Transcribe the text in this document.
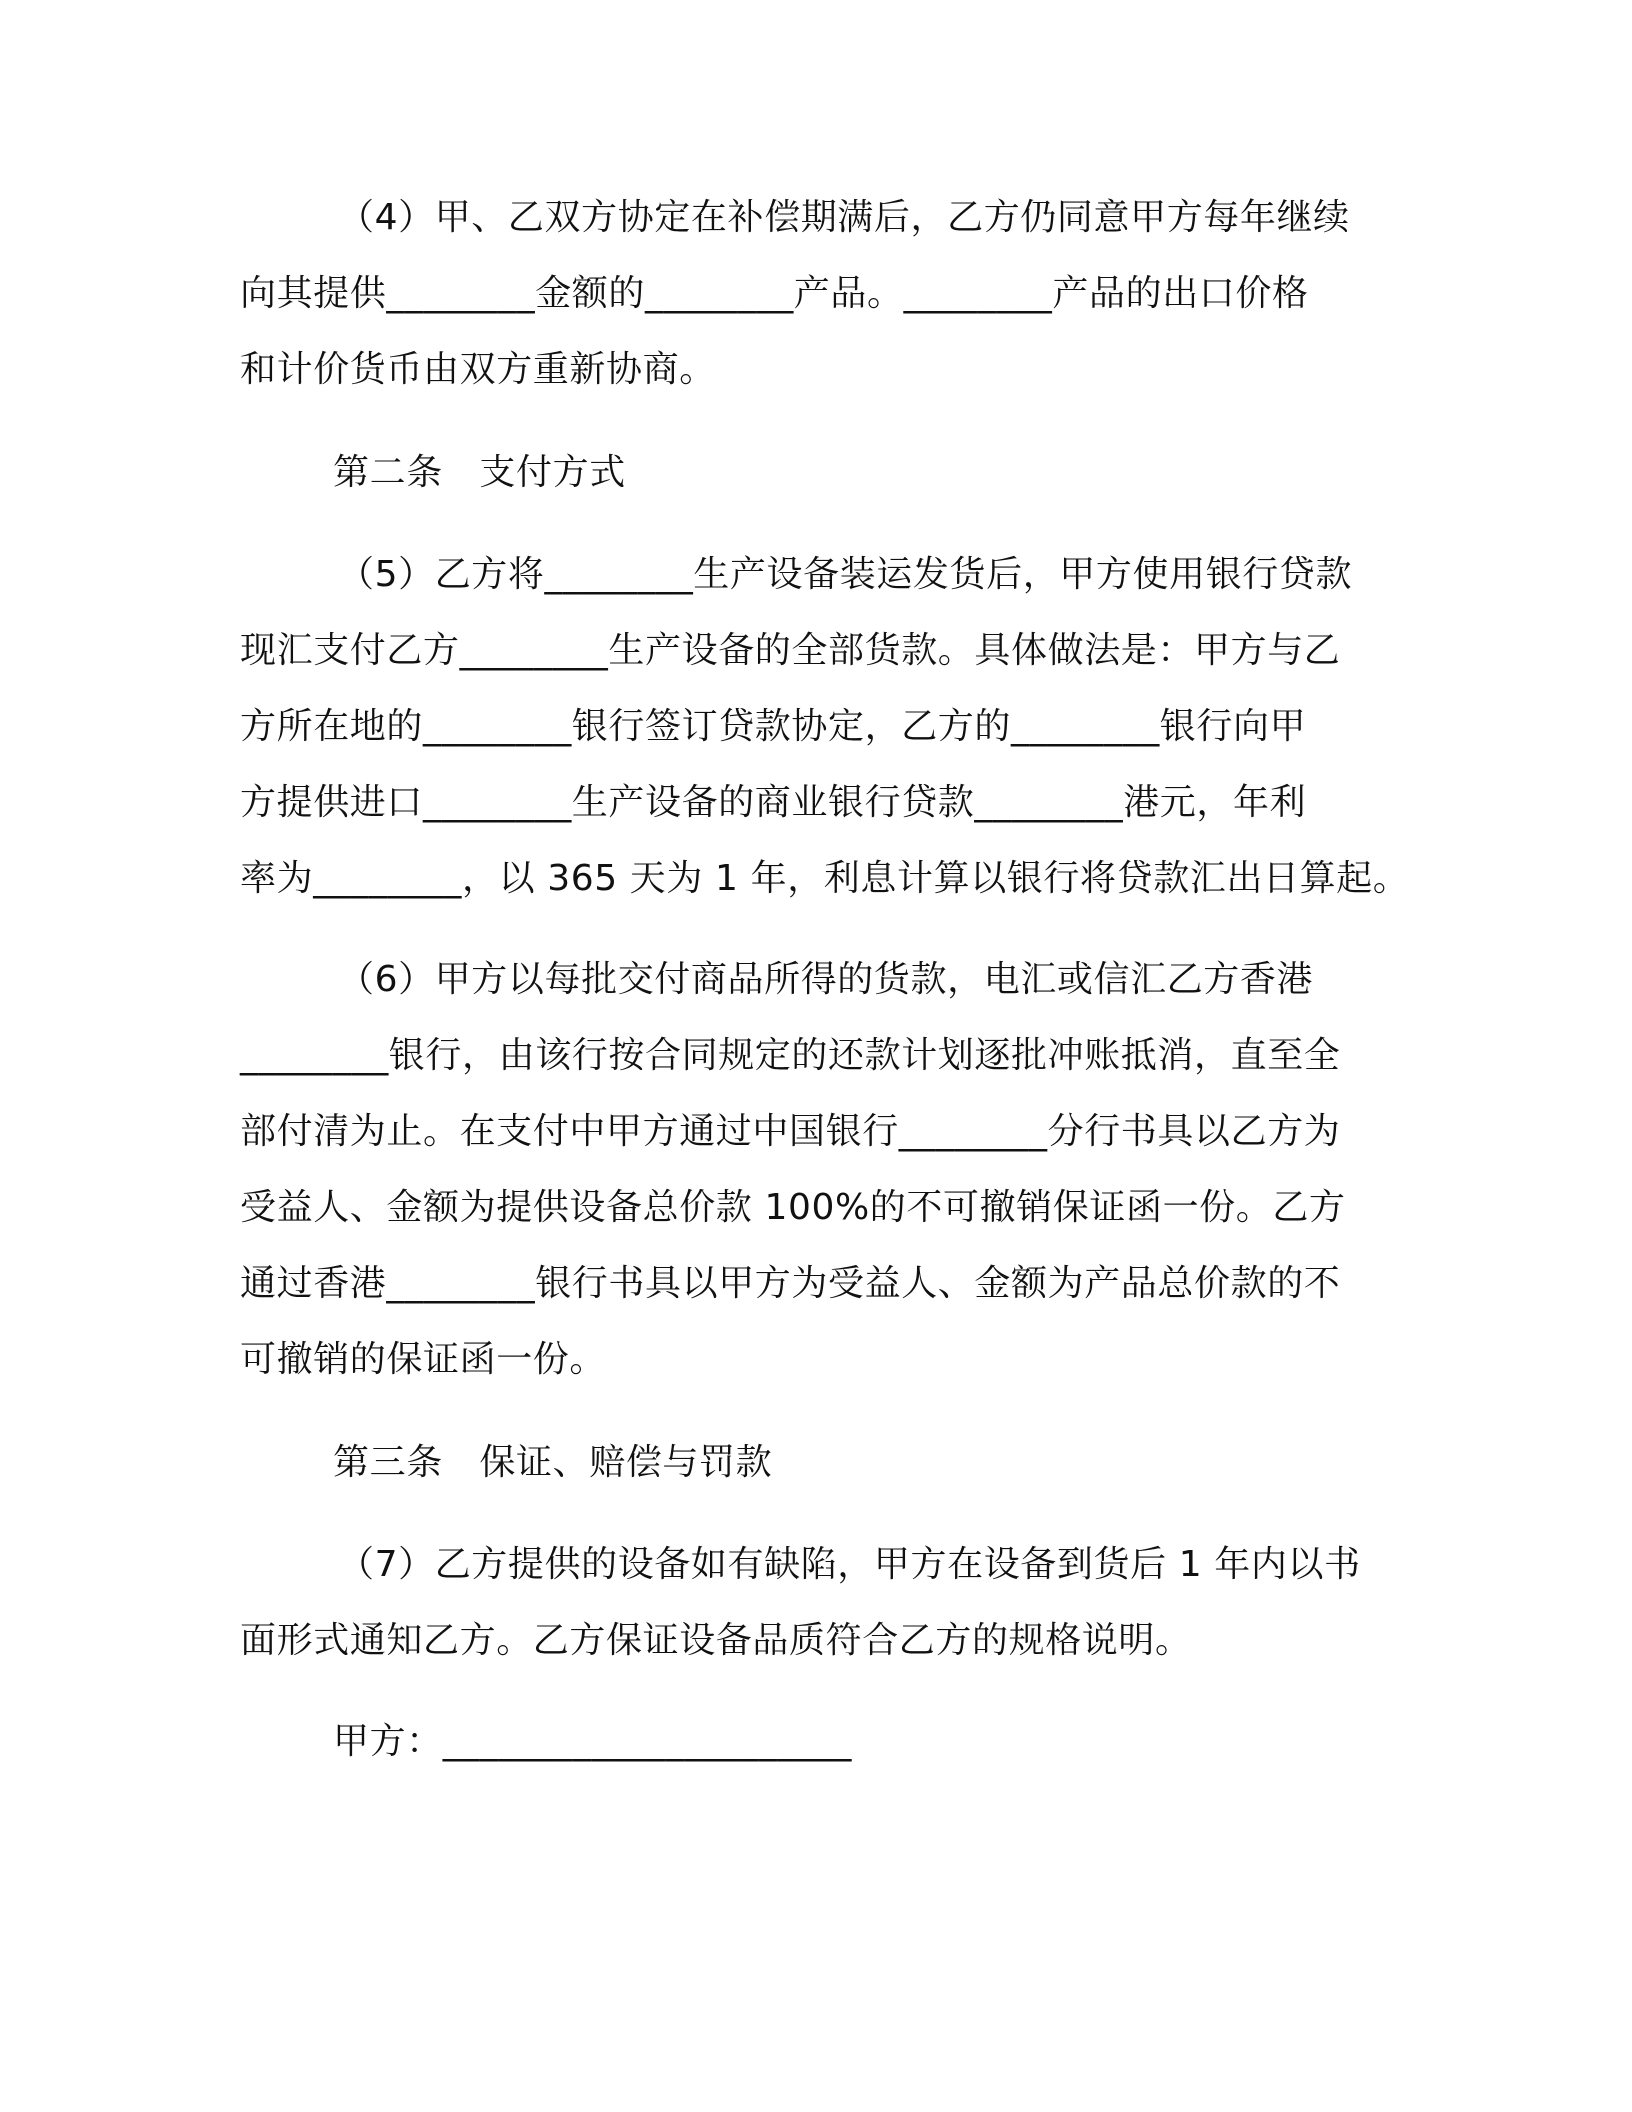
（4）甲、乙双方协定在补偿期满后，乙方仍同意甲方每年继续
向其提供________金额的________产品。________产品的出口价格
和计价货币由双方重新协商。
第二条　支付方式
（5）乙方将________生产设备装运发货后，甲方使用银行贷款
现汇支付乙方________生产设备的全部货款。具体做法是：甲方与乙
方所在地的________银行签订贷款协定，乙方的________银行向甲
方提供进口________生产设备的商业银行贷款________港元，年利
率为________，以 365 天为 1 年，利息计算以银行将贷款汇出日算起。
（6）甲方以每批交付商品所得的货款，电汇或信汇乙方香港
________银行，由该行按合同规定的还款计划逐批冲账抵消，直至全
部付清为止。在支付中甲方通过中国银行________分行书具以乙方为
受益人、金额为提供设备总价款 100%的不可撤销保证函一份。乙方
通过香港________银行书具以甲方为受益人、金额为产品总价款的不
可撤销的保证函一份。
第三条　保证、赔偿与罚款
（7）乙方提供的设备如有缺陷，甲方在设备到货后 1 年内以书
面形式通知乙方。乙方保证设备品质符合乙方的规格说明。
甲方：______________________
